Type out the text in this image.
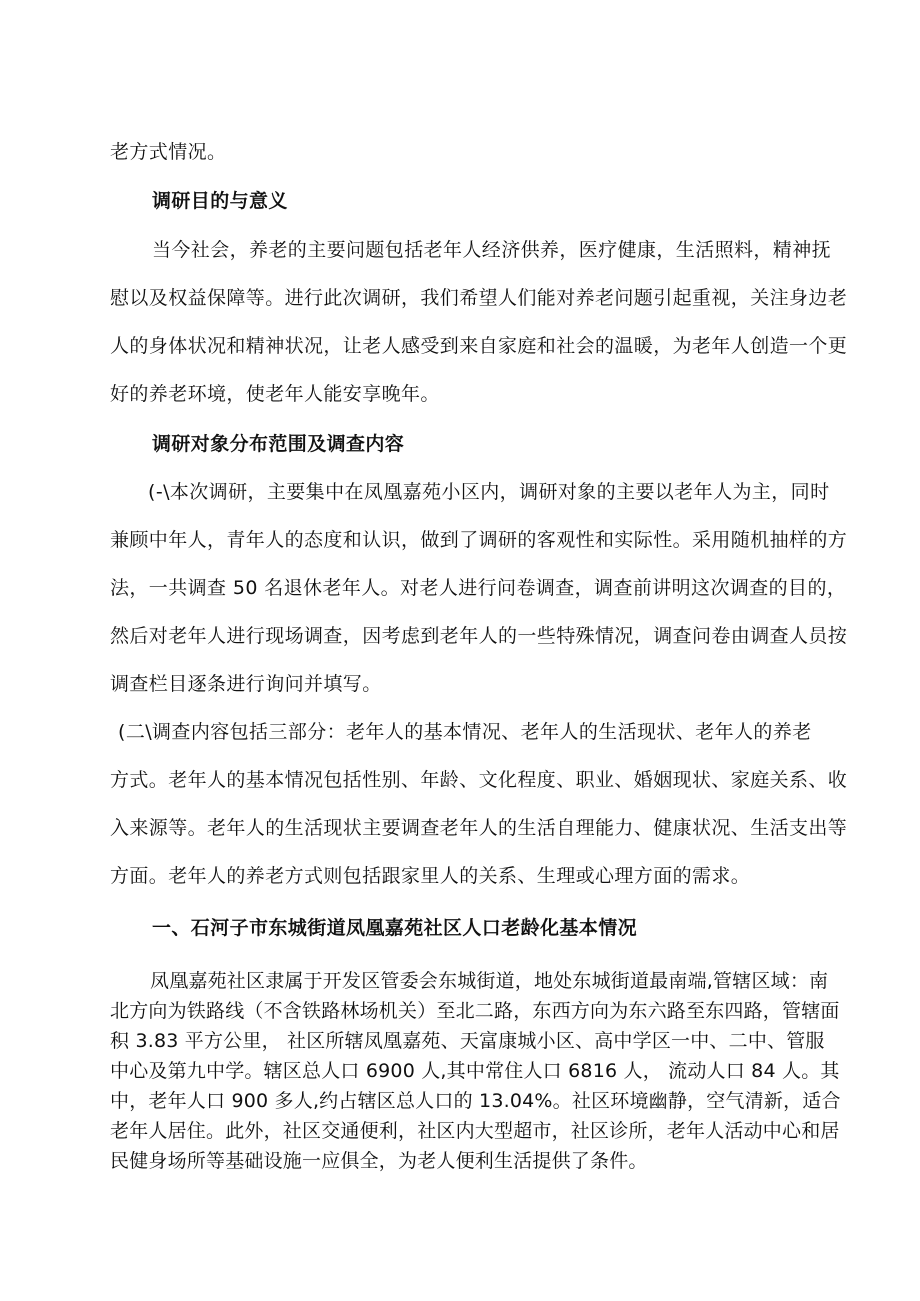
老方式情况。
调研目的与意义
当今社会，养老的主要问题包括老年人经济供养，医疗健康，生活照料，精神抚
慰以及权益保障等。进行此次调研，我们希望人们能对养老问题引起重视，关注身边老
人的身体状况和精神状况，让老人感受到来自家庭和社会的温暖，为老年人创造一个更
好的养老环境，使老年人能安享晚年。
调研对象分布范围及调查内容
(-\本次调研，主要集中在凤凰嘉苑小区内，调研对象的主要以老年人为主，同时
兼顾中年人，青年人的态度和认识，做到了调研的客观性和实际性。采用随机抽样的方
法，一共调查 50 名退休老年人。对老人进行问卷调查，调查前讲明这次调查的目的，
然后对老年人进行现场调查，因考虑到老年人的一些特殊情况，调查问卷由调查人员按
调查栏目逐条进行询问并填写。
(二\调查内容包括三部分：老年人的基本情况、老年人的生活现状、老年人的养老
方式。老年人的基本情况包括性别、年龄、文化程度、职业、婚姻现状、家庭关系、收
入来源等。老年人的生活现状主要调查老年人的生活自理能力、健康状况、生活支出等
方面。老年人的养老方式则包括跟家里人的关系、生理或心理方面的需求。
一、石河子市东城街道凤凰嘉苑社区人口老龄化基本情况
凤凰嘉苑社区隶属于开发区管委会东城街道，地处东城街道最南端,管辖区域：南
北方向为铁路线（不含铁路林场机关）至北二路，东西方向为东六路至东四路，管辖面
积 3.83 平方公里， 社区所辖凤凰嘉苑、天富康城小区、高中学区一中、二中、管服
中心及第九中学。辖区总人口 6900 人,其中常住人口 6816 人， 流动人口 84 人。其
中，老年人口 900 多人,约占辖区总人口的 13.04%。社区环境幽静，空气清新，适合
老年人居住。此外，社区交通便利，社区内大型超市，社区诊所，老年人活动中心和居
民健身场所等基础设施一应俱全，为老人便利生活提供了条件。
